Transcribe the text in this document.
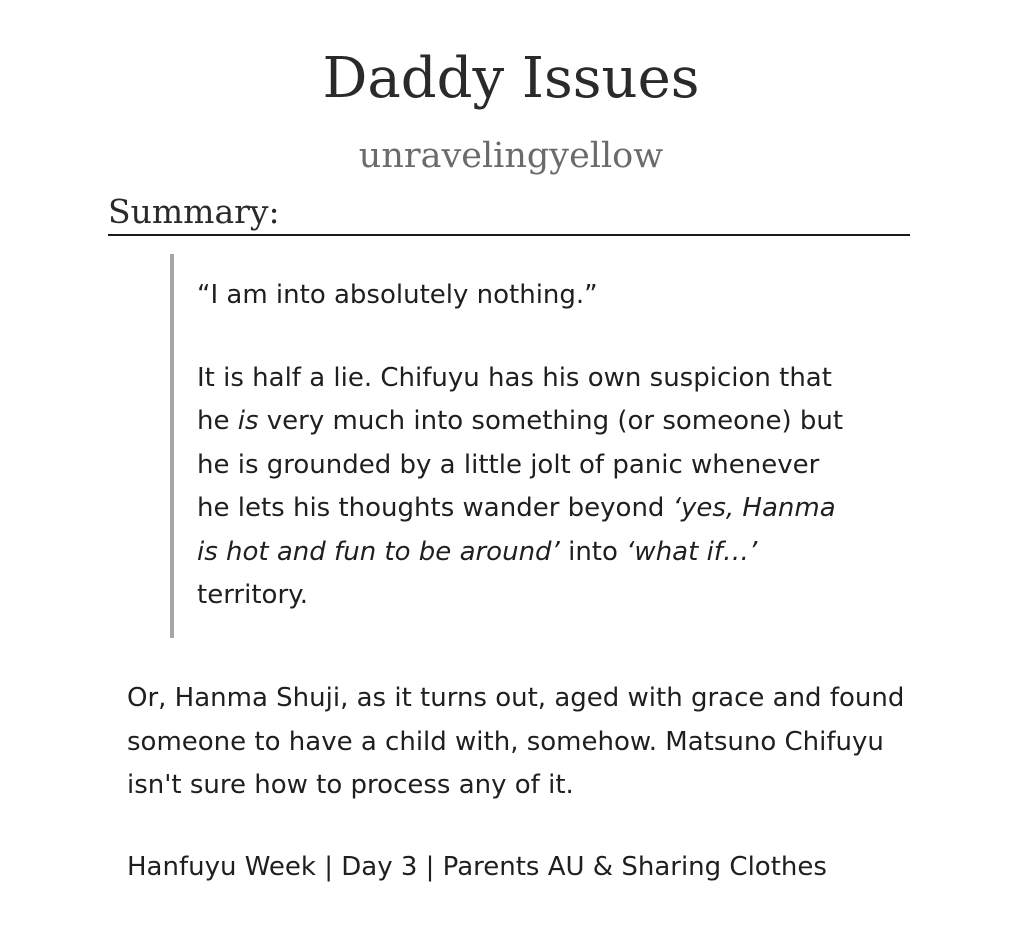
Daddy Issues
unravelingyellow
Summary:

“I am into absolutely nothing.”

It is half a lie. Chifuyu has his own suspicion that he is very much into something (or someone) but he is grounded by a little jolt of panic whenever he lets his thoughts wander beyond ‘yes, Hanma is hot and fun to be around’ into ‘what if…’ territory.

Or, Hanma Shuji, as it turns out, aged with grace and found someone to have a child with, somehow. Matsuno Chifuyu isn't sure how to process any of it.

Hanfuyu Week | Day 3 | Parents AU & Sharing Clothes
